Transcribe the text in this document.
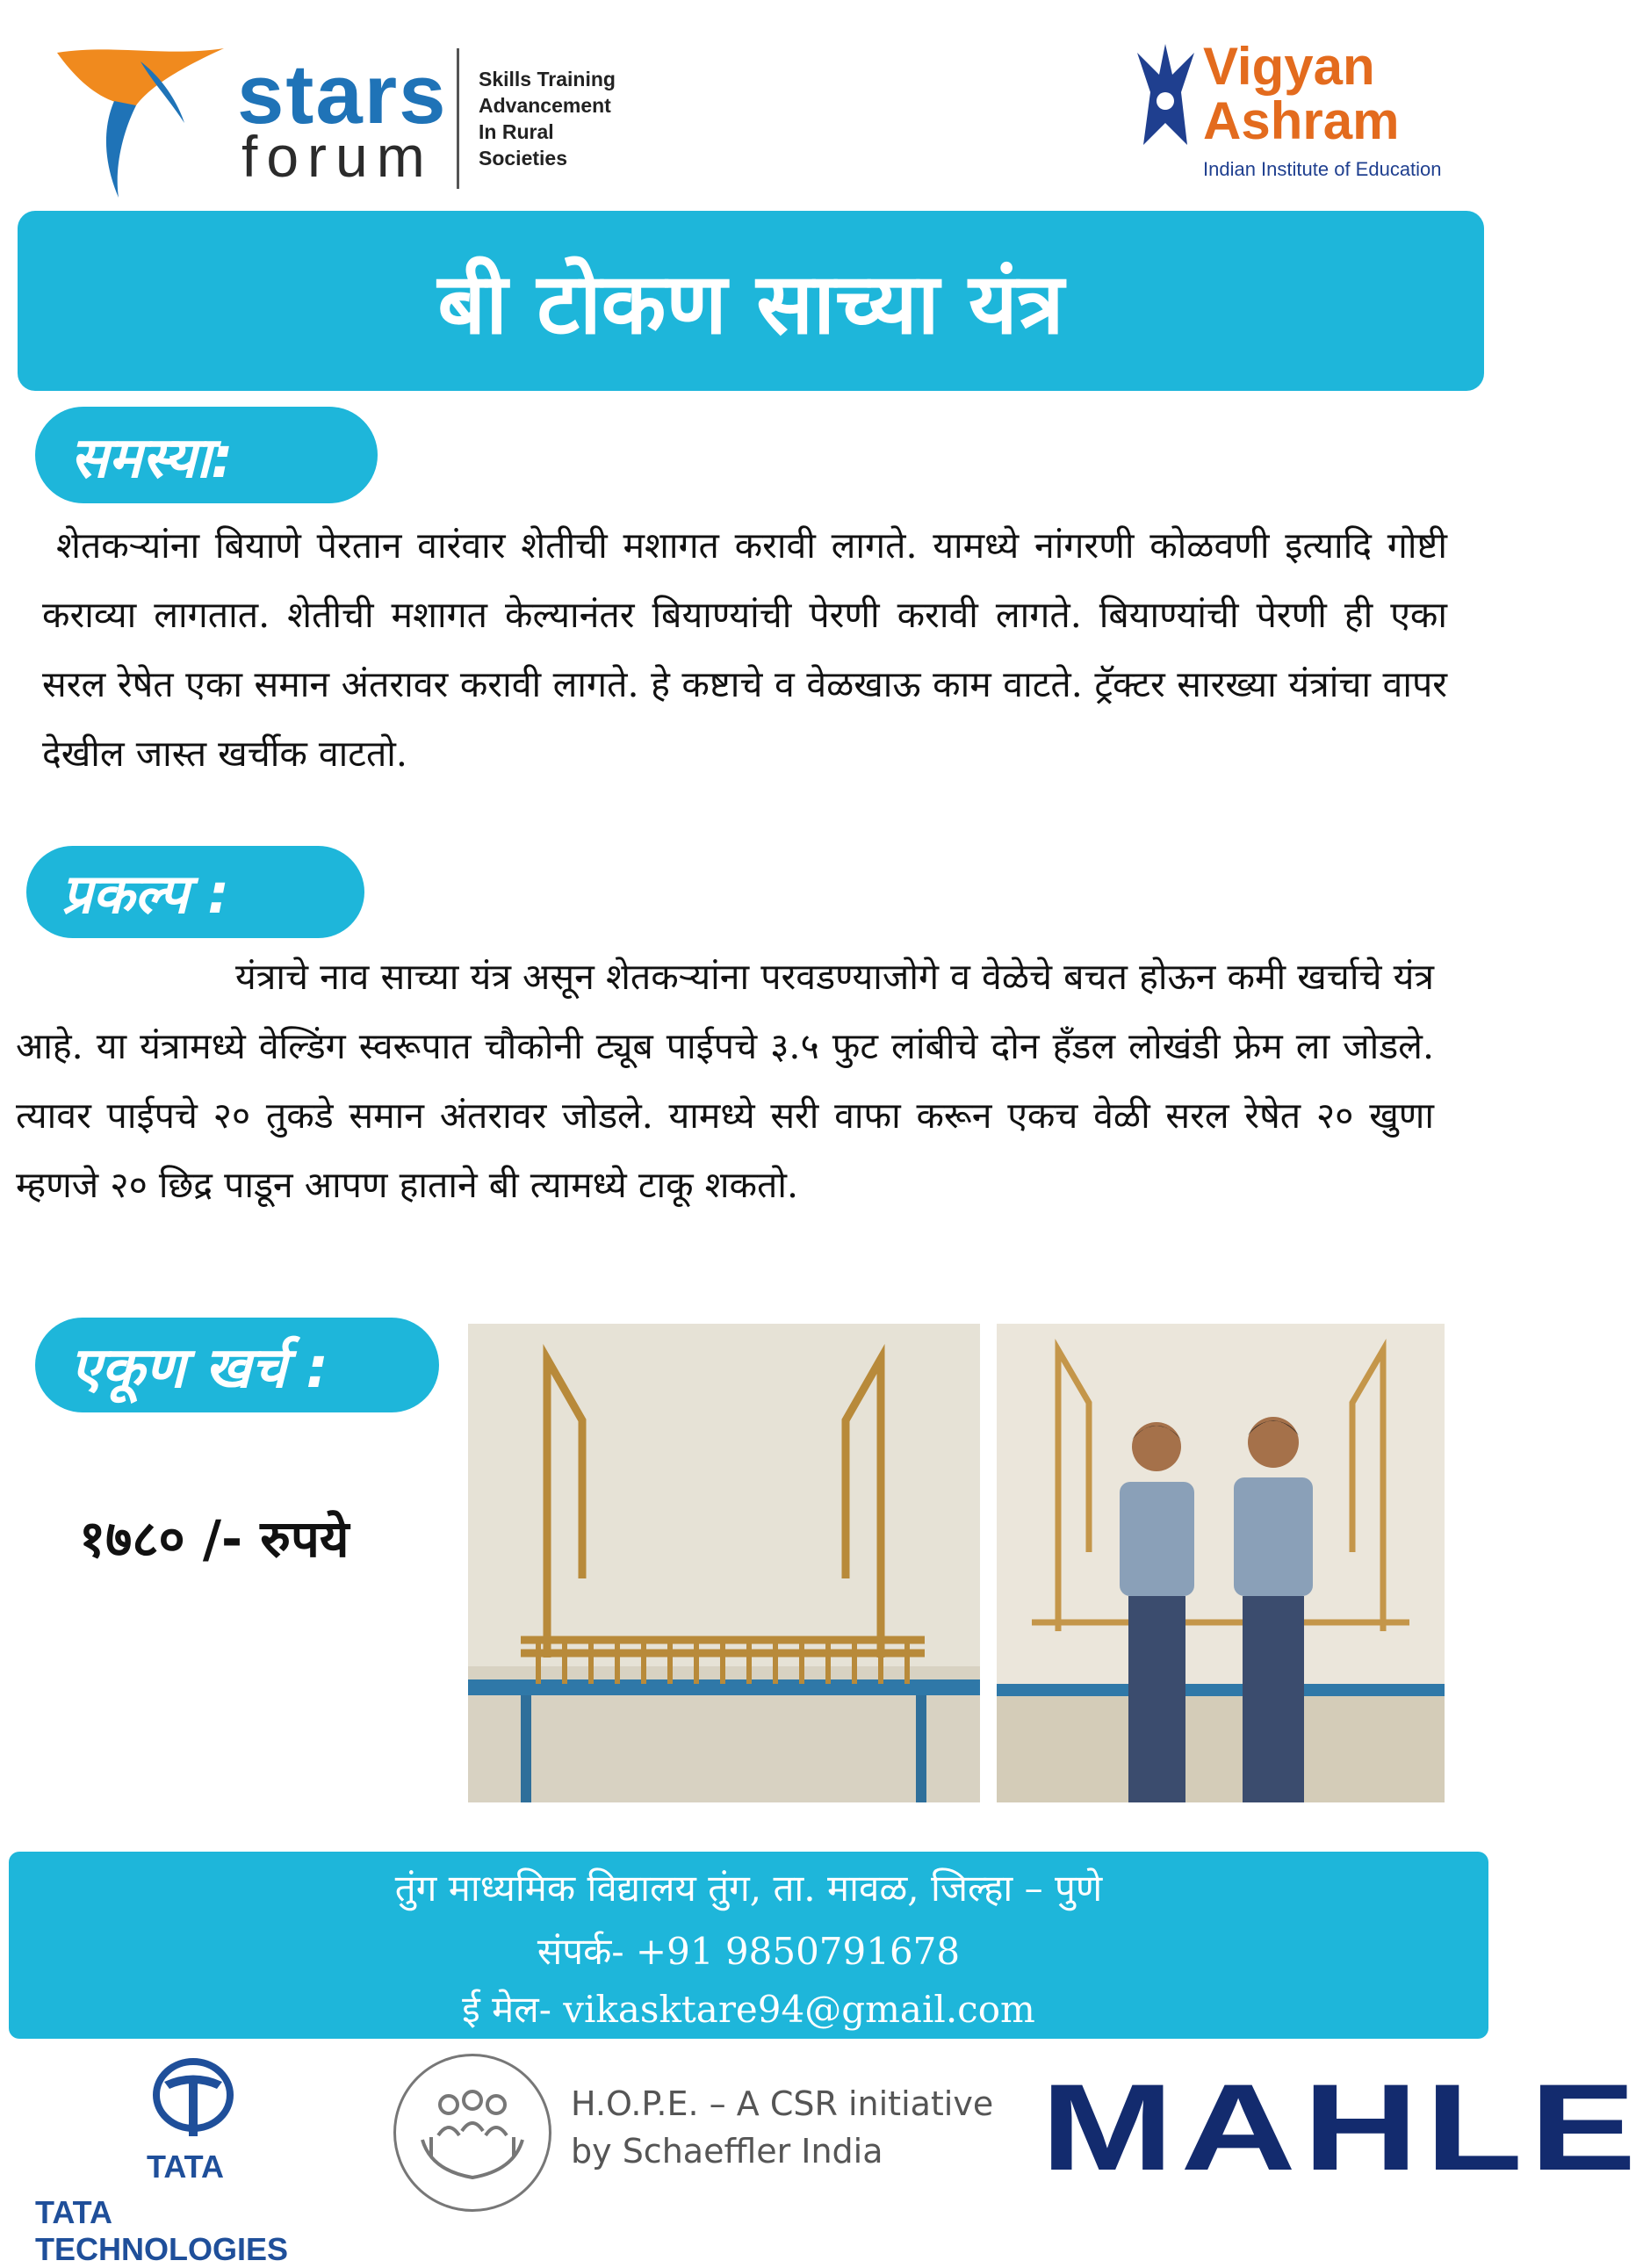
stars
forum
Skills Training
Advancement
In Rural
Societies
Vigyan
Ashram
Indian Institute of Education
बी टोकण साच्या यंत्र
समस्या:
शेतकऱ्यांना बियाणे पेरतान वारंवार शेतीची मशागत करावी लागते. यामध्ये नांगरणी कोळवणी इत्यादि गोष्टी कराव्या लागतात. शेतीची मशागत केल्यानंतर बियाण्यांची पेरणी करावी लागते. बियाण्यांची पेरणी ही एका सरल रेषेत एका समान अंतरावर करावी लागते. हे कष्टाचे व वेळखाऊ काम वाटते. ट्रॅक्टर सारख्या यंत्रांचा वापर देखील जास्त खर्चीक वाटतो.
प्रकल्प :
यंत्राचे नाव साच्या यंत्र असून शेतकऱ्यांना परवडण्याजोगे व वेळेचे बचत होऊन कमी खर्चाचे यंत्र आहे. या यंत्रामध्ये वेल्डिंग स्वरूपात चौकोनी ट्यूब पाईपचे ३.५ फुट लांबीचे दोन हॅंडल लोखंडी फ्रेम ला जोडले. त्यावर पाईपचे २० तुकडे समान अंतरावर जोडले. यामध्ये सरी वाफा करून एकच वेळी सरल रेषेत २० खुणा म्हणजे २० छिद्र पाडून आपण हाताने बी त्यामध्ये टाकू शकतो.
एकूण खर्च :
१७८० /- रुपये
तुंग माध्यमिक विद्यालय तुंग, ता. मावळ, जिल्हा – पुणे
संपर्क- +91 9850791678
ई मेल- vikasktare94@gmail.com
TATA
TATA TECHNOLOGIES
H.O.P.E. – A CSR initiative
by Schaeffler India	MAHLE
